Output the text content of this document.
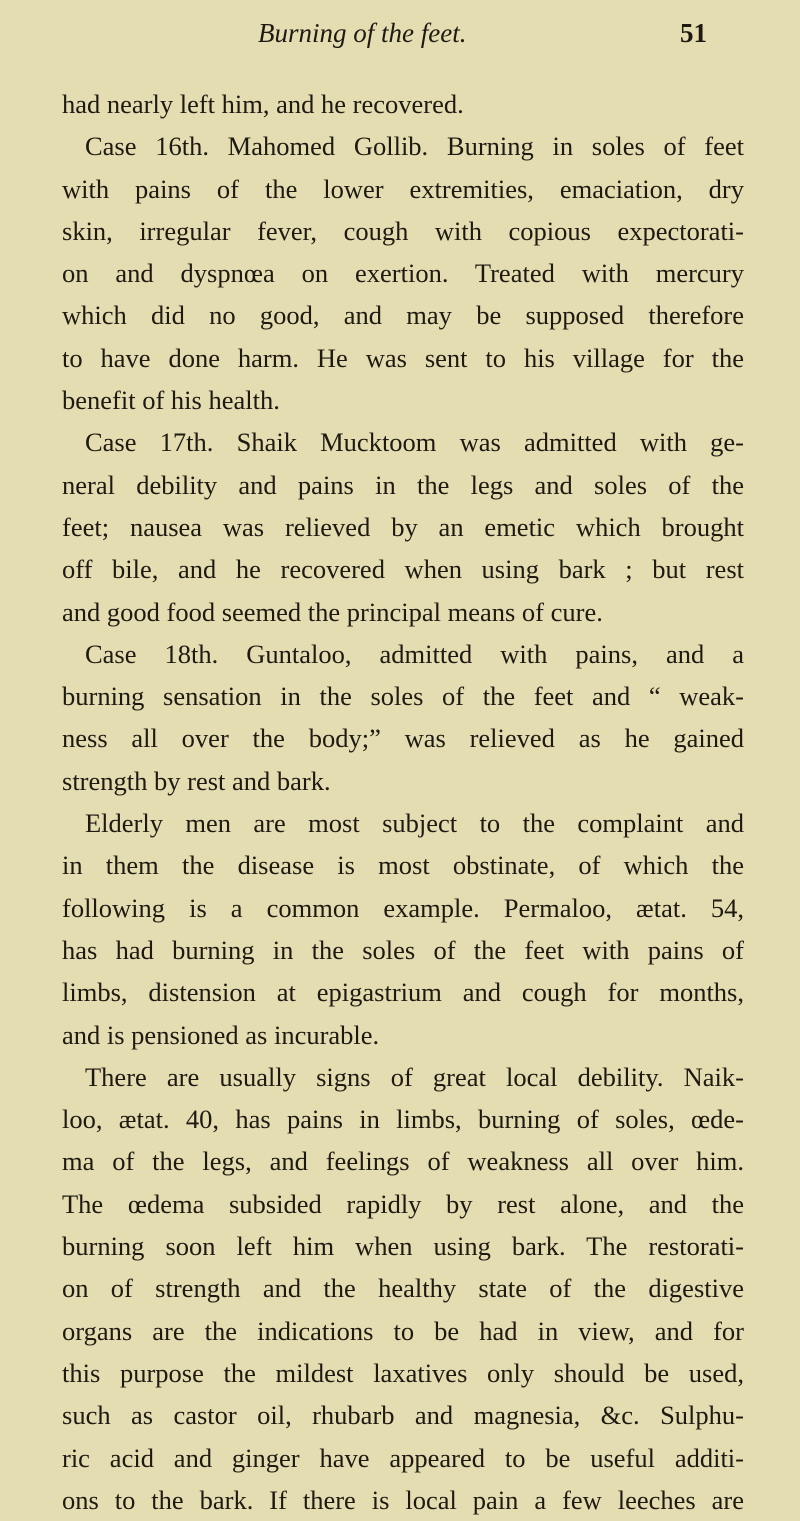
Burning of the feet.	51
had nearly left him, and he recovered.
Case 16th. Mahomed Gollib. Burning in soles of feet
with pains of the lower extremities, emaciation, dry
skin, irregular fever, cough with copious expectorati-
on and dyspnœa on exertion. Treated with mercury
which did no good, and may be supposed therefore
to have done harm. He was sent to his village for the
benefit of his health.
Case 17th. Shaik Mucktoom was admitted with ge-
neral debility and pains in the legs and soles of the
feet; nausea was relieved by an emetic which brought
off bile, and he recovered when using bark ; but rest
and good food seemed the principal means of cure.
Case 18th. Guntaloo, admitted with pains, and a
burning sensation in the soles of the feet and “ weak-
ness all over the body;” was relieved as he gained
strength by rest and bark.
Elderly men are most subject to the complaint and
in them the disease is most obstinate, of which the
following is a common example. Permaloo, ætat. 54,
has had burning in the soles of the feet with pains of
limbs, distension at epigastrium and cough for months,
and is pensioned as incurable.
There are usually signs of great local debility. Naik-
loo, ætat. 40, has pains in limbs, burning of soles, œde-
ma of the legs, and feelings of weakness all over him.
The œdema subsided rapidly by rest alone, and the
burning soon left him when using bark. The restorati-
on of strength and the healthy state of the digestive
organs are the indications to be had in view, and for
this purpose the mildest laxatives only should be used,
such as castor oil, rhubarb and magnesia, &c. Sulphu-
ric acid and ginger have appeared to be useful additi-
ons to the bark. If there is local pain a few leeches are
